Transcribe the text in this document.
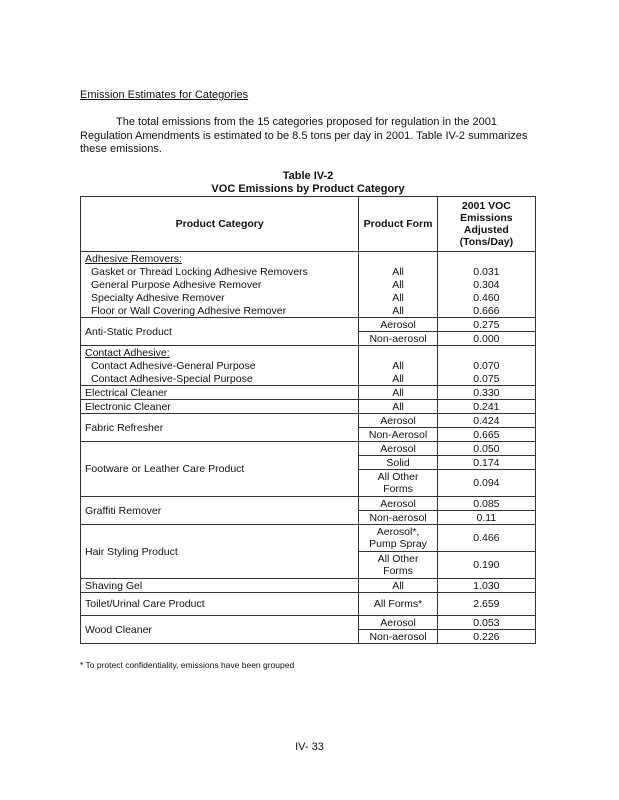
Emission Estimates for Categories
The total emissions from the 15 categories proposed for regulation in the 2001 Regulation Amendments is estimated to be 8.5 tons per day in 2001. Table IV-2 summarizes these emissions.
Table IV-2
VOC Emissions by Product Category
Product Category	Product Form	2001 VOC Emissions Adjusted (Tons/Day)
Adhesive Removers:		
Gasket or Thread Locking Adhesive Removers	All	0.031
General Purpose Adhesive Remover	All	0.304
Specialty Adhesive Remover	All	0.460
Floor or Wall Covering Adhesive Remover	All	0.666
Anti-Static Product	Aerosol	0.275
	Non-aerosol	0.000
Contact Adhesive:		
Contact Adhesive-General Purpose	All	0.070
Contact Adhesive-Special Purpose	All	0.075
Electrical Cleaner	All	0.330
Electronic Cleaner	All	0.241
Fabric Refresher	Aerosol	0.424
	Non-Aerosol	0.665
Footware or Leather Care Product	Aerosol	0.050
	Solid	0.174
	All Other Forms	0.094
Graffiti Remover	Aerosol	0.085
	Non-aerosol	0.11
Hair Styling Product	Aerosol*, Pump Spray	0.466
	All Other Forms	0.190
Shaving Gel	All	1.030
Toilet/Urinal Care Product	All Forms*	2.659
Wood Cleaner	Aerosol	0.053
	Non-aerosol	0.226
* To protect confidentiality, emissions have been grouped
IV- 33
